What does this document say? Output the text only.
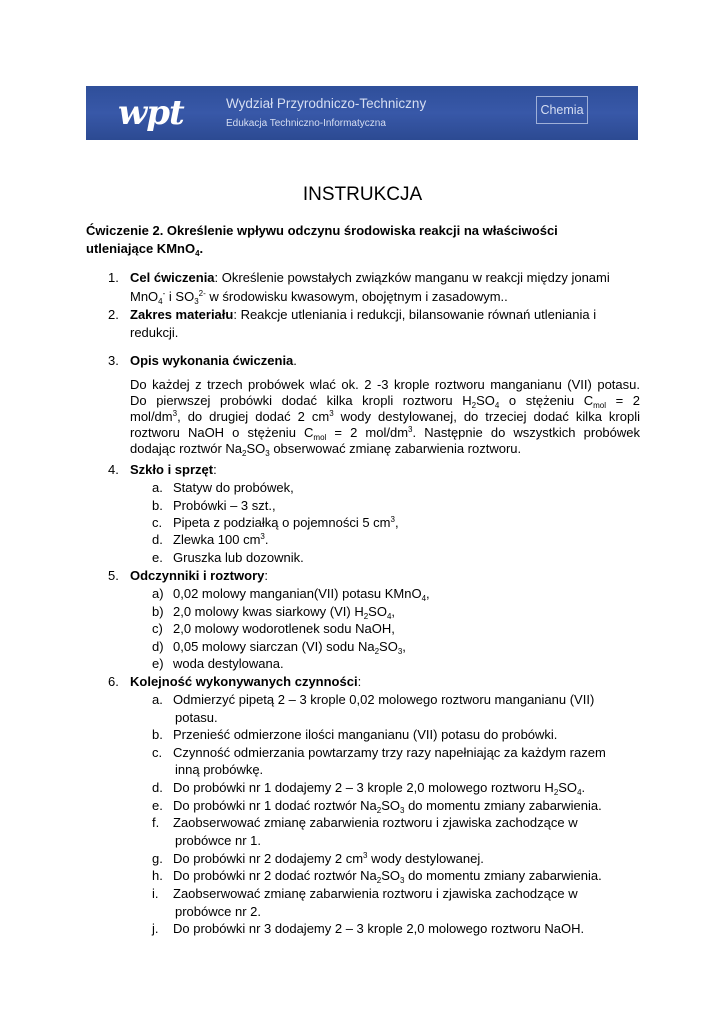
wpt	Wydział Przyrodniczo-Techniczny
Edukacja Techniczno-Informatyczna
Chemia
INSTRUKCJA
Ćwiczenie 2. Określenie wpływu odczynu środowiska reakcji na właściwości
utleniające KMnO$_4$.
1. Cel ćwiczenia: Określenie powstałych związków manganu w reakcji między jonami
MnO$_4$- i $SO_3^{2-}$ w środowisku kwasowym, obojętnym i zasadowym..
2. Zakres materiału: Reakcje utleniania i redukcji, bilansowanie równań utleniania i
redukcji.
3. Opis wykonania ćwiczenia.
Do każdej z trzech probówek wlać ok. 2 -3 krople roztworu manganianu (VII) potasu.
Do pierwszej probówki dodać kilka kropli roztworu $H_2SO_4$ o stężeniu $C_{mol} = 2$
mol/$dm^3$, do drugiej dodać 2 $cm^3$ wody destylowanej, do trzeciej dodać kilka kropli
roztworu NaOH o stężeniu $C_{mol} = 2$ mol/$dm^3$. Następnie do wszystkich probówek
dodając roztwór $Na_2SO_3$ obserwować zmianę zabarwienia roztworu.
4. Szkło i sprzęt:
a. Statyw do probówek,
b. Probówki – 3 szt.,
c. Pipeta z podziałką o pojemności 5 $cm^3$,
d. Zlewka 100 $cm^3$.
e. Gruszka lub dozownik.
5. Odczynniki i roztwory:
a) 0,02 molowy manganian(VII) potasu KMnO$_4$,
b) 2,0 molowy kwas siarkowy (VI) $H_2SO_4$,
c) 2,0 molowy wodorotlenek sodu NaOH,
d) 0,05 molowy siarczan (VI) sodu $Na_2SO_3$,
e) woda destylowana.
6. Kolejność wykonywanych czynności:
a. Odmierzyć pipetą 2 – 3 krople 0,02 molowego roztworu manganianu (VII)
potasu.
b. Przenieść odmierzone ilości manganianu (VII) potasu do probówki.
c. Czynność odmierzania powtarzamy trzy razy napełniając za każdym razem
inną probówkę.
d. Do probówki nr 1 dodajemy 2 – 3 krople 2,0 molowego roztworu $H_2SO_4$.
e. Do probówki nr 1 dodać roztwór $Na_2SO_3$ do momentu zmiany zabarwienia.
f. Zaobserwować zmianę zabarwienia roztworu i zjawiska zachodzące w
probówce nr 1.
g. Do probówki nr 2 dodajemy 2 $cm^3$ wody destylowanej.
h. Do probówki nr 2 dodać roztwór $Na_2SO_3$ do momentu zmiany zabarwienia.
i. Zaobserwować zmianę zabarwienia roztworu i zjawiska zachodzące w
probówce nr 2.
j. Do probówki nr 3 dodajemy 2 – 3 krople 2,0 molowego roztworu NaOH.
